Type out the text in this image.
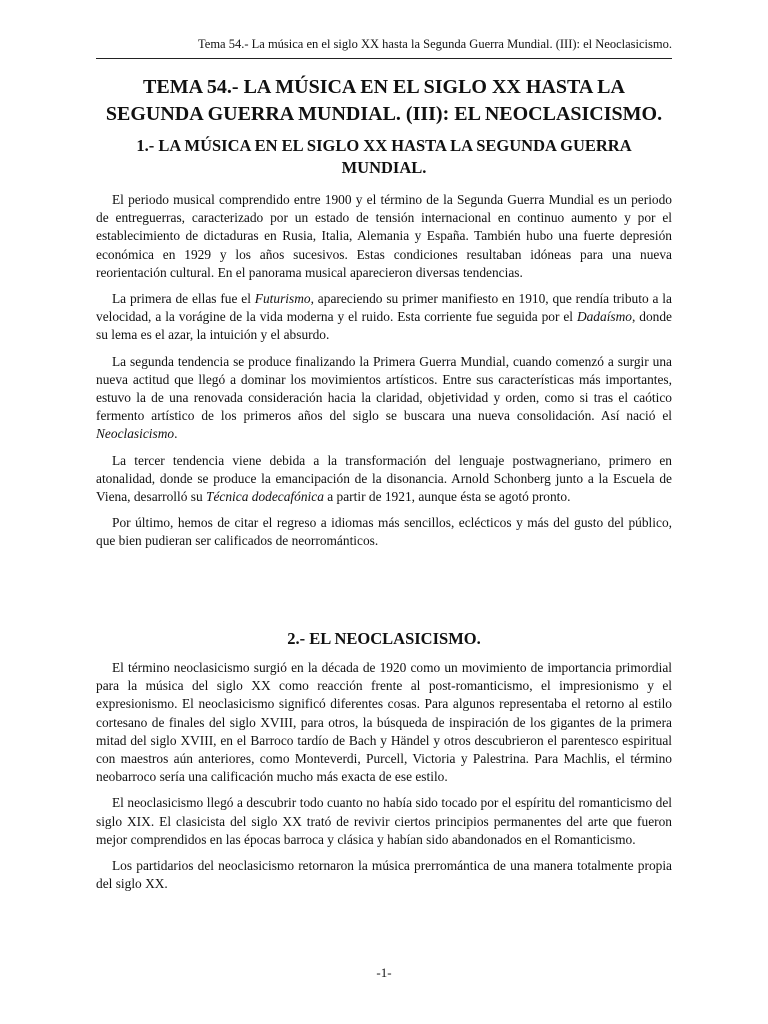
Tema 54.- La música en el siglo XX hasta la Segunda Guerra Mundial. (III): el Neoclasicismo.
TEMA 54.- LA MÚSICA EN EL SIGLO XX HASTA LA SEGUNDA GUERRA MUNDIAL. (III): EL NEOCLASICISMO.
1.- LA MÚSICA EN EL SIGLO XX HASTA LA SEGUNDA GUERRA MUNDIAL.

El periodo musical comprendido entre 1900 y el término de la Segunda Guerra Mundial es un periodo de entreguerras, caracterizado por un estado de tensión internacional en continuo aumento y por el establecimiento de dictaduras en Rusia, Italia, Alemania y España. También hubo una fuerte depresión económica en 1929 y los años sucesivos. Estas condiciones resultaban idóneas para una nueva reorientación cultural. En el panorama musical aparecieron diversas tendencias.

La primera de ellas fue el Futurismo, apareciendo su primer manifiesto en 1910, que rendía tributo a la velocidad, a la vorágine de la vida moderna y el ruido. Esta corriente fue seguida por el Dadaísmo, donde su lema es el azar, la intuición y el absurdo.

La segunda tendencia se produce finalizando la Primera Guerra Mundial, cuando comenzó a surgir una nueva actitud que llegó a dominar los movimientos artísticos. Entre sus características más importantes, estuvo la de una renovada consideración hacia la claridad, objetividad y orden, como si tras el caótico fermento artístico de los primeros años del siglo se buscara una nueva consolidación. Así nació el Neoclasicismo.

La tercer tendencia viene debida a la transformación del lenguaje postwagneriano, primero en atonalidad, donde se produce la emancipación de la disonancia. Arnold Schonberg junto a la Escuela de Viena, desarrolló su Técnica dodecafónica a partir de 1921, aunque ésta se agotó pronto.

Por último, hemos de citar el regreso a idiomas más sencillos, eclécticos y más del gusto del público, que bien pudieran ser calificados de neorrománticos.

2.- EL NEOCLASICISMO.

El término neoclasicismo surgió en la década de 1920 como un movimiento de importancia primordial para la música del siglo XX como reacción frente al post-romanticismo, el impresionismo y el expresionismo. El neoclasicismo significó diferentes cosas. Para algunos representaba el retorno al estilo cortesano de finales del siglo XVIII, para otros, la búsqueda de inspiración de los gigantes de la primera mitad del siglo XVIII, en el Barroco tardío de Bach y Händel y otros descubrieron el parentesco espiritual con maestros aún anteriores, como Monteverdi, Purcell, Victoria y Palestrina. Para Machlis, el término neobarroco sería una calificación mucho más exacta de ese estilo.

El neoclasicismo llegó a descubrir todo cuanto no había sido tocado por el espíritu del romanticismo del siglo XIX. El clasicista del siglo XX trató de revivir ciertos principios permanentes del arte que fueron mejor comprendidos en las épocas barroca y clásica y habían sido abandonados en el Romanticismo.

Los partidarios del neoclasicismo retornaron la música prerromántica de una manera totalmente propia del siglo XX.

-1-
